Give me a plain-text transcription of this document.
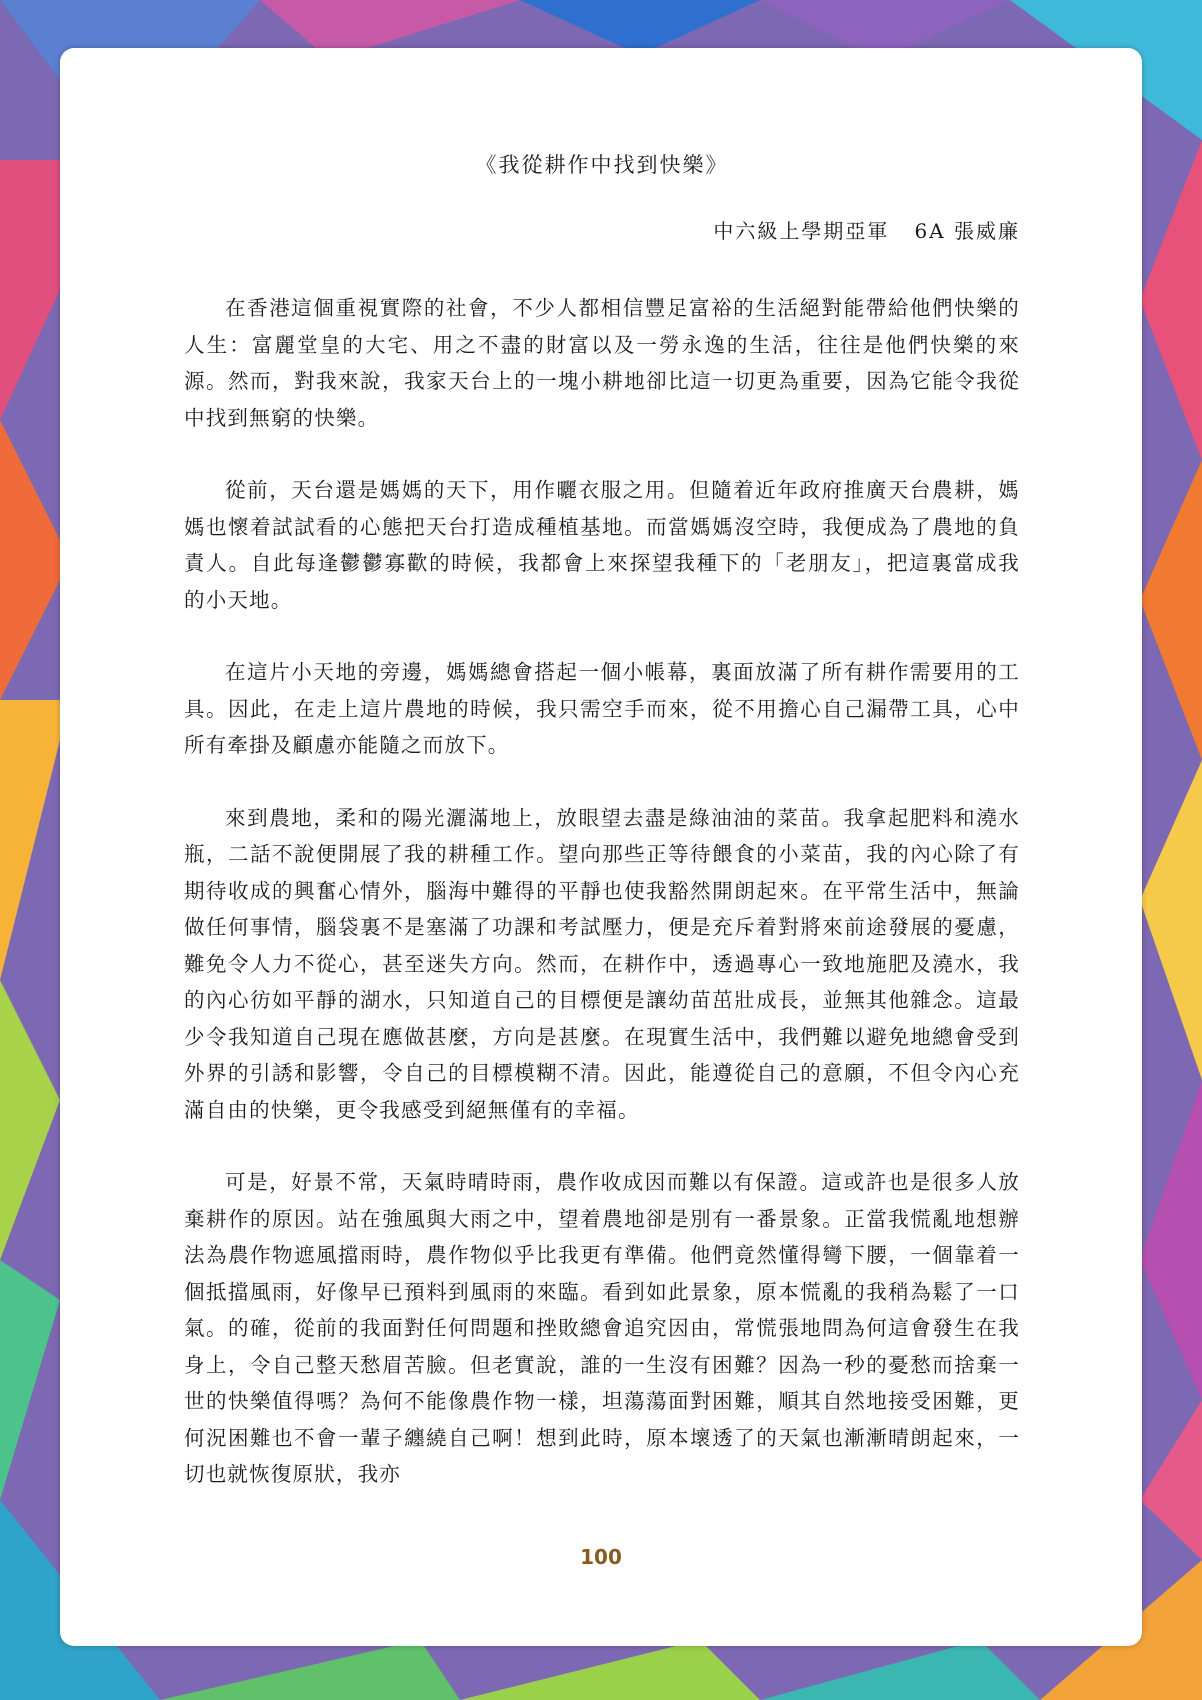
《我從耕作中找到快樂》
中六級上學期亞軍   6A 張威廉

在香港這個重視實際的社會，不少人都相信豐足富裕的生活絕對能帶給他們快樂的人生：富麗堂皇的大宅、用之不盡的財富以及一勞永逸的生活，往往是他們快樂的來源。然而，對我來說，我家天台上的一塊小耕地卻比這一切更為重要，因為它能令我從中找到無窮的快樂。

從前，天台還是媽媽的天下，用作曬衣服之用。但隨着近年政府推廣天台農耕，媽媽也懷着試試看的心態把天台打造成種植基地。而當媽媽沒空時，我便成為了農地的負責人。自此每逢鬱鬱寡歡的時候，我都會上來探望我種下的「老朋友」，把這裏當成我的小天地。

在這片小天地的旁邊，媽媽總會搭起一個小帳幕，裏面放滿了所有耕作需要用的工具。因此，在走上這片農地的時候，我只需空手而來，從不用擔心自己漏帶工具，心中所有牽掛及顧慮亦能隨之而放下。

來到農地，柔和的陽光灑滿地上，放眼望去盡是綠油油的菜苗。我拿起肥料和澆水瓶，二話不說便開展了我的耕種工作。望向那些正等待餵食的小菜苗，我的內心除了有期待收成的興奮心情外，腦海中難得的平靜也使我豁然開朗起來。在平常生活中，無論做任何事情，腦袋裏不是塞滿了功課和考試壓力，便是充斥着對將來前途發展的憂慮，難免令人力不從心，甚至迷失方向。然而，在耕作中，透過專心一致地施肥及澆水，我的內心彷如平靜的湖水，只知道自己的目標便是讓幼苗茁壯成長，並無其他雜念。這最少令我知道自己現在應做甚麼，方向是甚麼。在現實生活中，我們難以避免地總會受到外界的引誘和影響，令自己的目標模糊不清。因此，能遵從自己的意願，不但令內心充滿自由的快樂，更令我感受到絕無僅有的幸福。

可是，好景不常，天氣時晴時雨，農作收成因而難以有保證。這或許也是很多人放棄耕作的原因。站在強風與大雨之中，望着農地卻是別有一番景象。正當我慌亂地想辦法為農作物遮風擋雨時，農作物似乎比我更有準備。他們竟然懂得彎下腰，一個靠着一個抵擋風雨，好像早已預料到風雨的來臨。看到如此景象，原本慌亂的我稍為鬆了一口氣。的確，從前的我面對任何問題和挫敗總會追究因由，常慌張地問為何這會發生在我身上，令自己整天愁眉苦臉。但老實說，誰的一生沒有困難？因為一秒的憂愁而捨棄一世的快樂值得嗎？為何不能像農作物一樣，坦蕩蕩面對困難，順其自然地接受困難，更何況困難也不會一輩子纏繞自己啊！想到此時，原本壞透了的天氣也漸漸晴朗起來，一切也就恢復原狀，我亦

100
